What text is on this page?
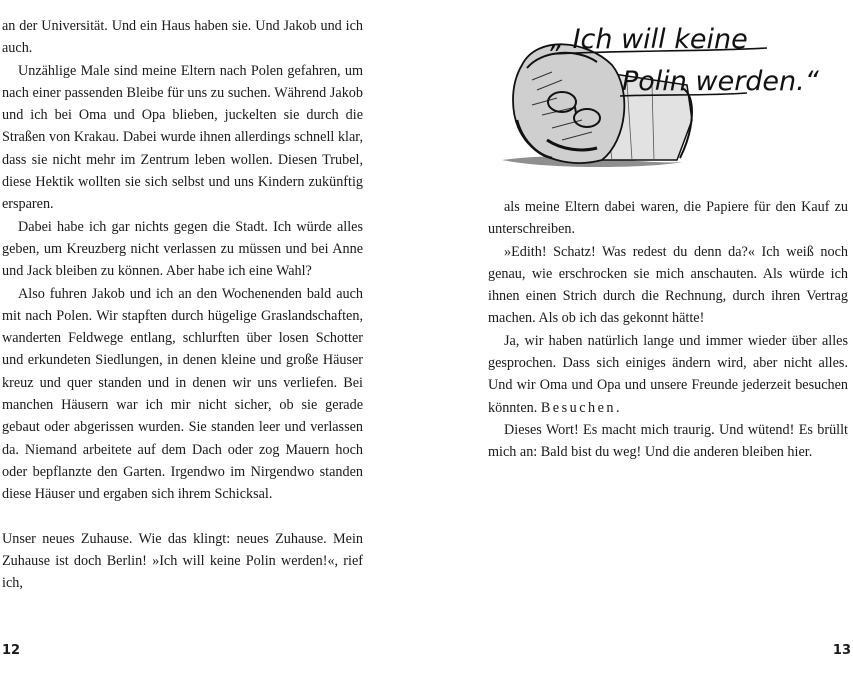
an der Universität. Und ein Haus haben sie. Und Jakob und ich auch.

Unzählige Male sind meine Eltern nach Polen gefahren, um nach einer passenden Bleibe für uns zu suchen. Während Jakob und ich bei Oma und Opa blieben, juckelten sie durch die Straßen von Krakau. Dabei wurde ihnen allerdings schnell klar, dass sie nicht mehr im Zentrum leben wollen. Diesen Trubel, diese Hektik wollten sie sich selbst und uns Kindern zukünftig ersparen.

Dabei habe ich gar nichts gegen die Stadt. Ich würde alles geben, um Kreuzberg nicht verlassen zu müssen und bei Anne und Jack bleiben zu können. Aber habe ich eine Wahl?

Also fuhren Jakob und ich an den Wochenenden bald auch mit nach Polen. Wir stapften durch hügelige Graslandschaften, wanderten Feldwege entlang, schlurften über losen Schotter und erkundeten Siedlungen, in denen kleine und große Häuser kreuz und quer standen und in denen wir uns verliefen. Bei manchen Häusern war ich mir nicht sicher, ob sie gerade gebaut oder abgerissen wurden. Sie standen leer und verlassen da. Niemand arbeitete auf dem Dach oder zog Mauern hoch oder bepflanzte den Garten. Irgendwo im Nirgendwo standen diese Häuser und ergaben sich ihrem Schicksal.

Unser neues Zuhause. Wie das klingt: neues Zuhause. Mein Zuhause ist doch Berlin! »Ich will keine Polin werden!«, rief ich,

12
„ Ich will keine
Polin werden.“

als meine Eltern dabei waren, die Papiere für den Kauf zu unterschreiben.

»Edith! Schatz! Was redest du denn da?« Ich weiß noch genau, wie erschrocken sie mich anschauten. Als würde ich ihnen einen Strich durch die Rechnung, durch ihren Vertrag machen. Als ob ich das gekonnt hätte!

Ja, wir haben natürlich lange und immer wieder über alles gesprochen. Dass sich einiges ändern wird, aber nicht alles. Und wir Oma und Opa und unsere Freunde jederzeit besuchen könnten. Besuchen.

Dieses Wort! Es macht mich traurig. Und wütend! Es brüllt mich an: Bald bist du weg! Und die anderen bleiben hier.

13
